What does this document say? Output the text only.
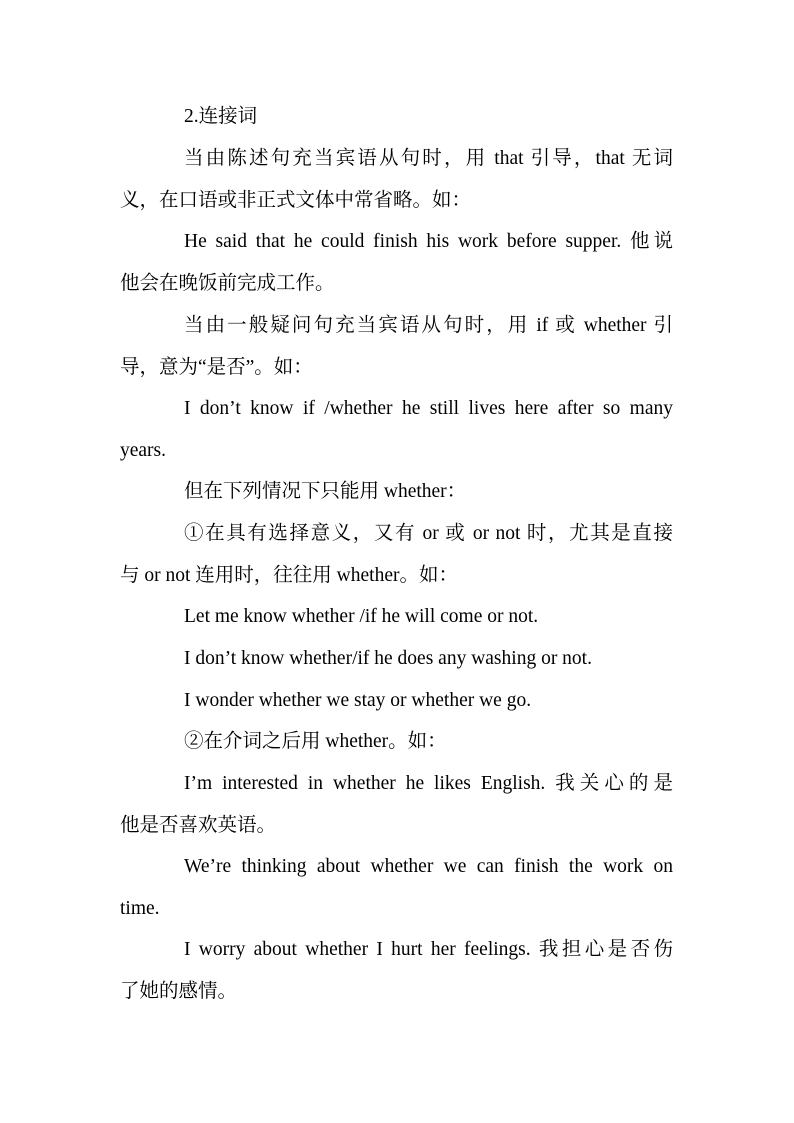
2.连接词
当由陈述句充当宾语从句时，用 that 引导，that 无词
义，在口语或非正式文体中常省略。如：
He said that he could finish his work before supper. 他说
他会在晚饭前完成工作。
当由一般疑问句充当宾语从句时，用 if 或 whether 引
导，意为“是否”。如：
I don’t know if /whether he still lives here after so many
years.
但在下列情况下只能用 whether：
①在具有选择意义，又有 or 或 or not 时，尤其是直接
与 or not 连用时，往往用 whether。如：
Let me know whether /if he will come or not.
I don’t know whether/if he does any washing or not.
I wonder whether we stay or whether we go.
②在介词之后用 whether。如：
I’m interested in whether he likes English. 我关心的是
他是否喜欢英语。
We’re thinking about whether we can finish the work on
time.
I worry about whether I hurt her feelings. 我担心是否伤
了她的感情。
